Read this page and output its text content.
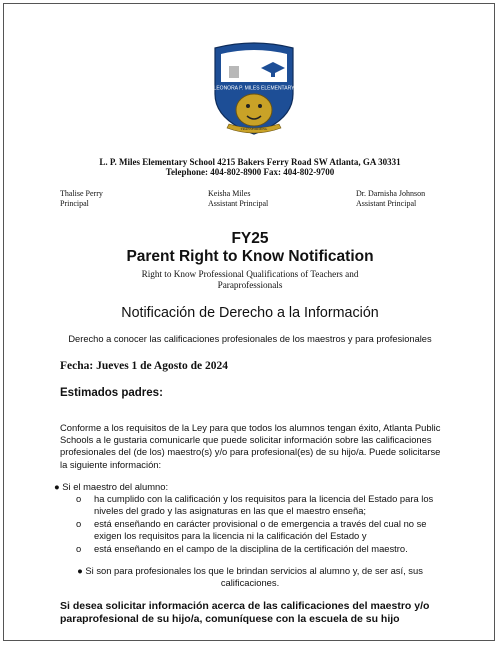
LEONORA P. MILES ELEMENTARY
TRANSFORMING
L. P. Miles Elementary School 4215 Bakers Ferry Road SW Atlanta, GA 30331
Telephone: 404-802-8900 Fax: 404-802-9700
Thalise Perry
Principal
Keisha Miles
Assistant Principal
Dr. Darnisha Johnson
Assistant Principal
FY25
Parent Right to Know Notification
Right to Know Professional Qualifications of Teachers and
Paraprofessionals
Notificación de Derecho a la Información
Derecho a conocer las calificaciones profesionales de los maestros y para profesionales
Fecha: Jueves 1 de Agosto de 2024
Estimados padres:
Conforme a los requisitos de la Ley para que todos los alumnos tengan éxito, Atlanta Public
Schools a le gustaria comunicarle que puede solicitar información sobre las calificaciones
profesionales del (de los) maestro(s) y/o para profesional(es) de su hijo/a. Puede solicitarse
la siguiente información:
● Si el maestro del alumno:
o ha cumplido con la calificación y los requisitos para la licencia del Estado para los
niveles del grado y las asignaturas en las que el maestro enseña;
o está enseñando en carácter provisional o de emergencia a través del cual no se
exigen los requisitos para la licencia ni la calificación del Estado y
o está enseñando en el campo de la disciplina de la certificación del maestro.
● Si son para profesionales los que le brindan servicios al alumno y, de ser así, sus
calificaciones.
Si desea solicitar información acerca de las calificaciones del maestro y/o
paraprofesional de su hijo/a, comuníquese con la escuela de su hijo
